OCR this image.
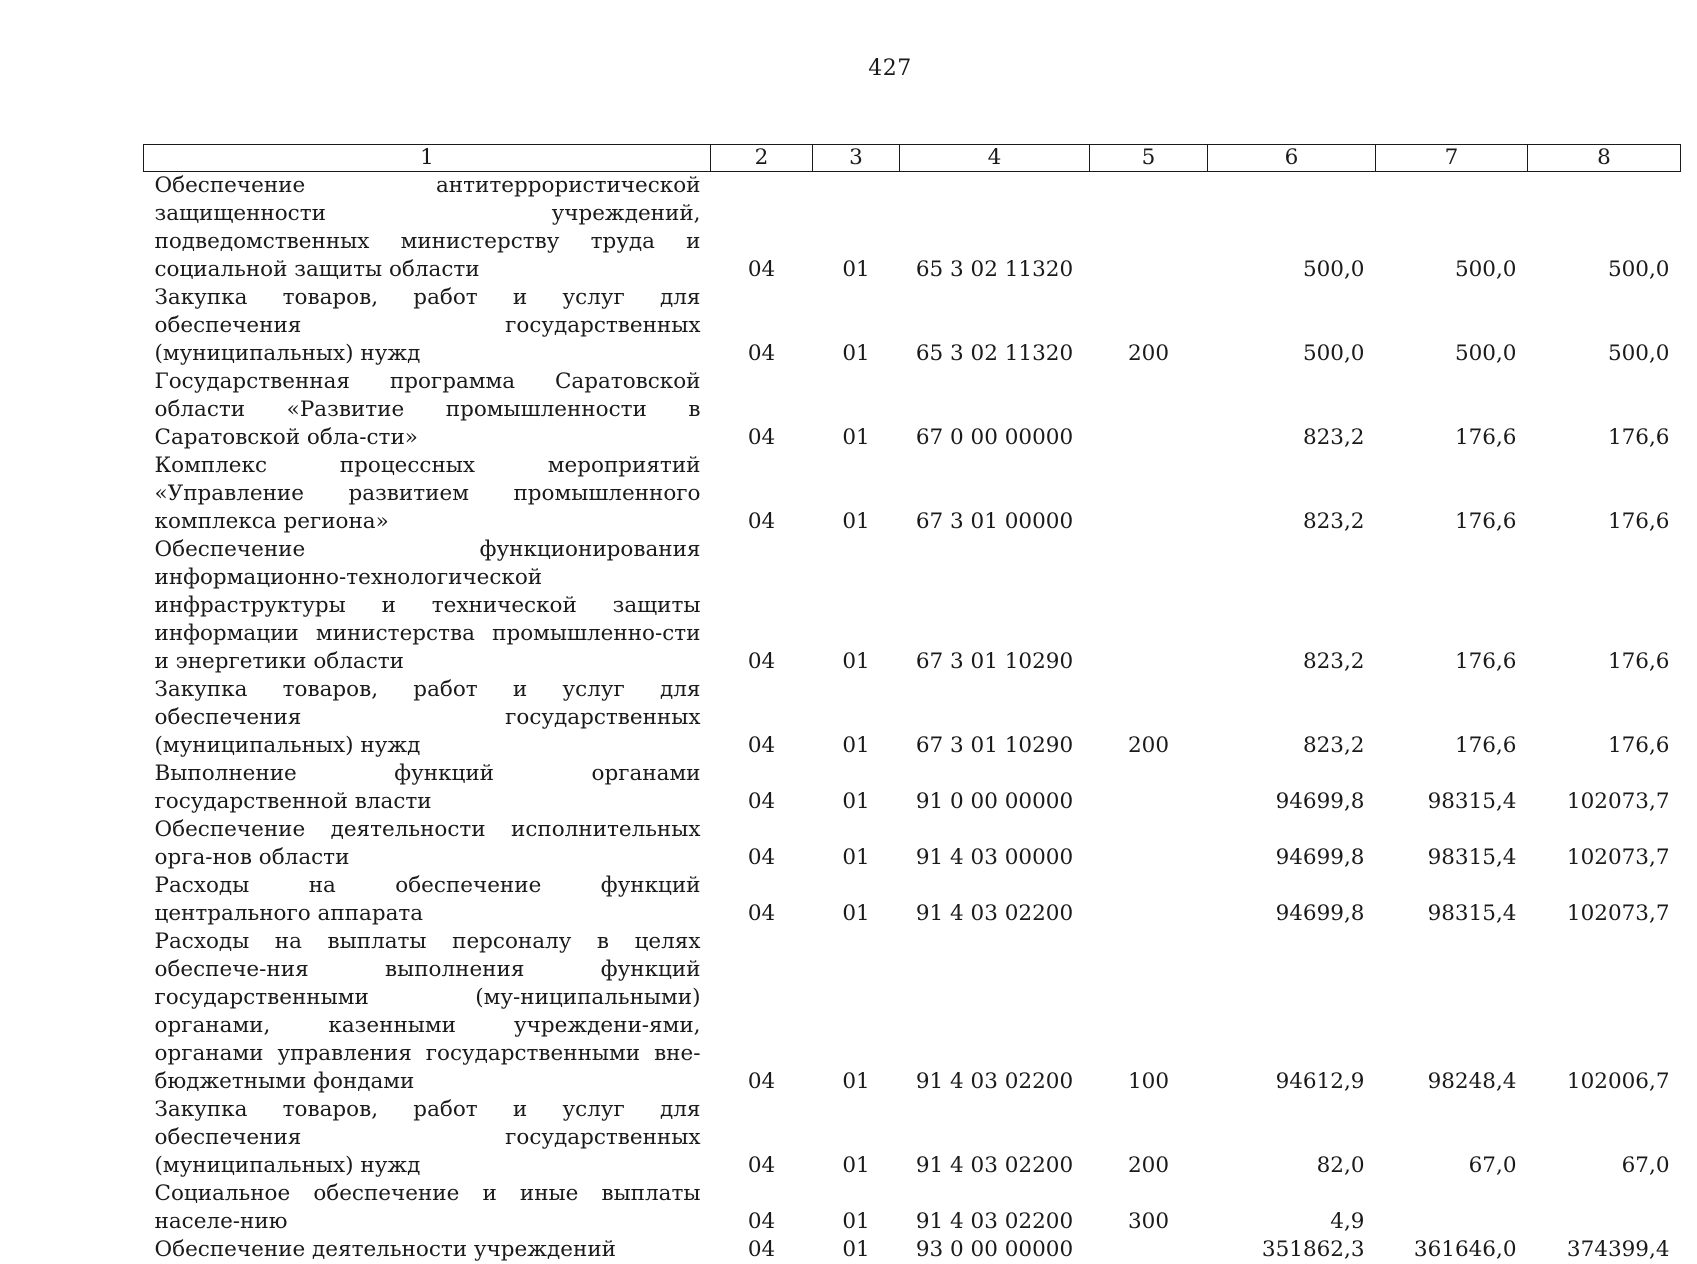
427
1	2	3	4	5	6	7	8
Обеспечение антитеррористической защищенности учреждений, подведомственных министерству труда и социальной защиты области	04	01	65 3 02 11320		500,0	500,0	500,0
Закупка товаров, работ и услуг для обеспечения государственных (муниципальных) нужд	04	01	65 3 02 11320	200	500,0	500,0	500,0
Государственная программа Саратовской области «Развитие промышленности в Саратовской обла-сти»	04	01	67 0 00 00000		823,2	176,6	176,6
Комплекс процессных мероприятий «Управление развитием промышленного комплекса региона»	04	01	67 3 01 00000		823,2	176,6	176,6
Обеспечение функционирования информационно-технологической инфраструктуры и технической защиты информации министерства промышленно-сти и энергетики области	04	01	67 3 01 10290		823,2	176,6	176,6
Закупка товаров, работ и услуг для обеспечения государственных (муниципальных) нужд	04	01	67 3 01 10290	200	823,2	176,6	176,6
Выполнение функций органами государственной власти	04	01	91 0 00 00000		94699,8	98315,4	102073,7
Обеспечение деятельности исполнительных орга-нов области	04	01	91 4 03 00000		94699,8	98315,4	102073,7
Расходы на обеспечение функций центрального аппарата	04	01	91 4 03 02200		94699,8	98315,4	102073,7
Расходы на выплаты персоналу в целях обеспече-ния выполнения функций государственными (му-ниципальными) органами, казенными учреждени-ями, органами управления государственными вне-бюджетными фондами	04	01	91 4 03 02200	100	94612,9	98248,4	102006,7
Закупка товаров, работ и услуг для обеспечения государственных (муниципальных) нужд	04	01	91 4 03 02200	200	82,0	67,0	67,0
Социальное обеспечение и иные выплаты населе-нию	04	01	91 4 03 02200	300	4,9		
Обеспечение деятельности учреждений	04	01	93 0 00 00000		351862,3	361646,0	374399,4
